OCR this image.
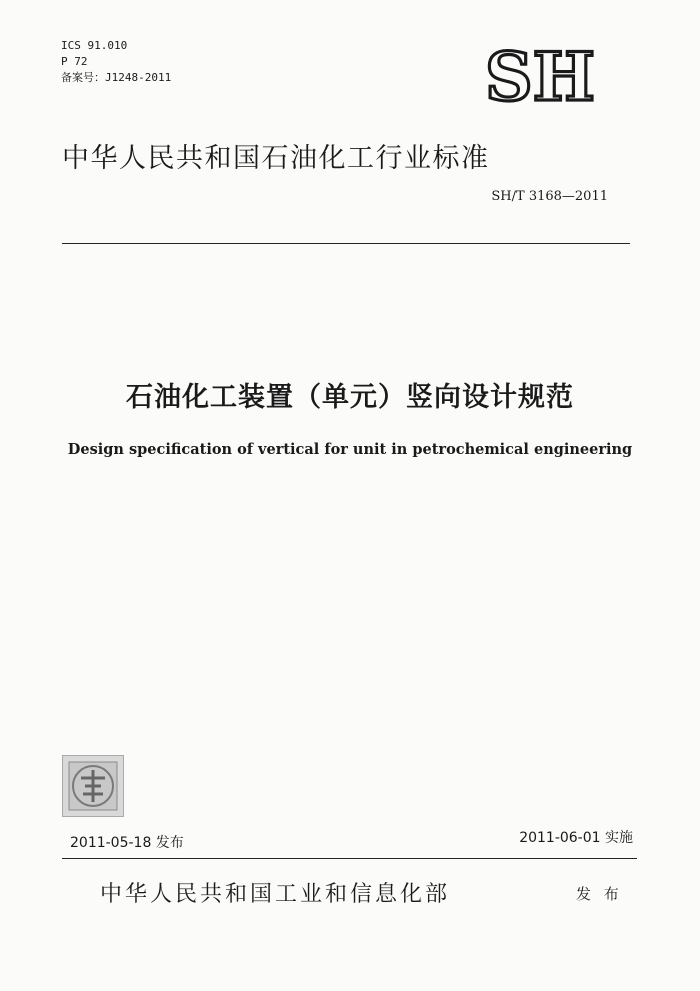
ICS 91.010
P 72
备案号：J1248-2011	SH
中华人民共和国石油化工行业标准
SH/T 3168—2011
石油化工装置（单元）竖向设计规范
Design specification of vertical for unit in petrochemical engineering
2011-05-18 发布	2011-06-01 实施
中华人民共和国工业和信息化部	发 布
